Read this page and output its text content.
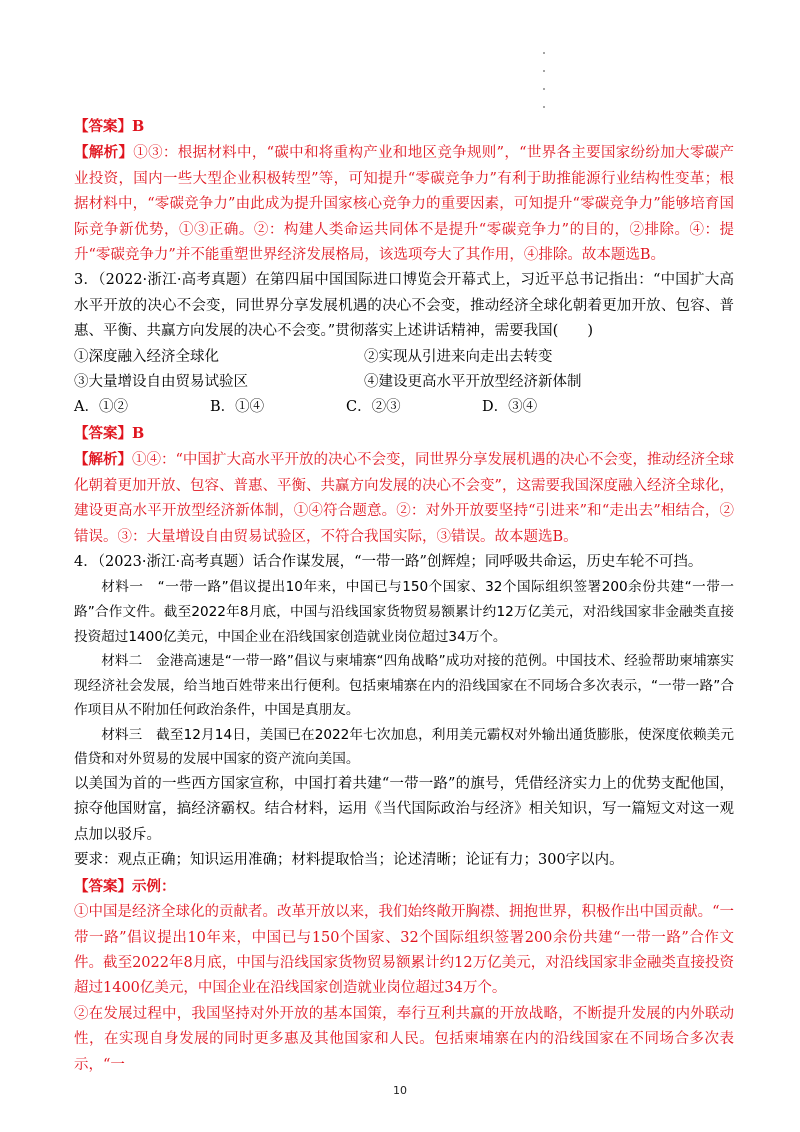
【答案】B

【解析】①③：根据材料中，“碳中和将重构产业和地区竞争规则”，“世界各主要国家纷纷加大零碳产业投资，国内一些大型企业积极转型”等，可知提升“零碳竞争力”有利于助推能源行业结构性变革；根据材料中，“零碳竞争力”由此成为提升国家核心竞争力的重要因素，可知提升“零碳竞争力”能够培育国际竞争新优势，①③正确。②：构建人类命运共同体不是提升“零碳竞争力”的目的，②排除。④：提升“零碳竞争力”并不能重塑世界经济发展格局，该选项夸大了其作用，④排除。故本题选B。

3．（2022·浙江·高考真题）在第四届中国国际进口博览会开幕式上，习近平总书记指出：“中国扩大高水平开放的决心不会变，同世界分享发展机遇的决心不会变，推动经济全球化朝着更加开放、包容、普惠、平衡、共赢方向发展的决心不会变。”贯彻落实上述讲话精神，需要我国(　　)

①深度融入经济全球化	②实现从引进来向走出去转变
③大量增设自由贸易试验区	④建设更高水平开放型经济新体制
A．①②	B．①④	C．②③	D．③④

【答案】B

【解析】①④：“中国扩大高水平开放的决心不会变，同世界分享发展机遇的决心不会变，推动经济全球化朝着更加开放、包容、普惠、平衡、共赢方向发展的决心不会变”，这需要我国深度融入经济全球化，建设更高水平开放型经济新体制，①④符合题意。②：对外开放要坚持“引进来”和“走出去”相结合，②错误。③：大量增设自由贸易试验区，不符合我国实际，③错误。故本题选B。

4．（2023·浙江·高考真题）话合作谋发展，“一带一路”创辉煌；同呼吸共命运，历史车轮不可挡。

材料一　“一带一路”倡议提出10年来，中国已与150个国家、32个国际组织签署200余份共建“一带一路”合作文件。截至2022年8月底，中国与沿线国家货物贸易额累计约12万亿美元，对沿线国家非金融类直接投资超过1400亿美元，中国企业在沿线国家创造就业岗位超过34万个。

材料二　金港高速是“一带一路”倡议与柬埔寨“四角战略”成功对接的范例。中国技术、经验帮助柬埔寨实现经济社会发展，给当地百姓带来出行便利。包括柬埔寨在内的沿线国家在不同场合多次表示，“一带一路”合作项目从不附加任何政治条件，中国是真朋友。

材料三　截至12月14日，美国已在2022年七次加息，利用美元霸权对外输出通货膨胀，使深度依赖美元借贷和对外贸易的发展中国家的资产流向美国。

以美国为首的一些西方国家宣称，中国打着共建“一带一路”的旗号，凭借经济实力上的优势支配他国，掠夺他国财富，搞经济霸权。结合材料，运用《当代国际政治与经济》相关知识，写一篇短文对这一观点加以驳斥。

要求：观点正确；知识运用准确；材料提取恰当；论述清晰；论证有力；300字以内。

【答案】示例：

①中国是经济全球化的贡献者。改革开放以来，我们始终敞开胸襟、拥抱世界，积极作出中国贡献。“一带一路”倡议提出10年来，中国已与150个国家、32个国际组织签署200余份共建“一带一路”合作文件。截至2022年8月底，中国与沿线国家货物贸易额累计约12万亿美元，对沿线国家非金融类直接投资超过1400亿美元，中国企业在沿线国家创造就业岗位超过34万个。

②在发展过程中，我国坚持对外开放的基本国策，奉行互利共赢的开放战略，不断提升发展的内外联动性，在实现自身发展的同时更多惠及其他国家和人民。包括柬埔寨在内的沿线国家在不同场合多次表示，“一

10
